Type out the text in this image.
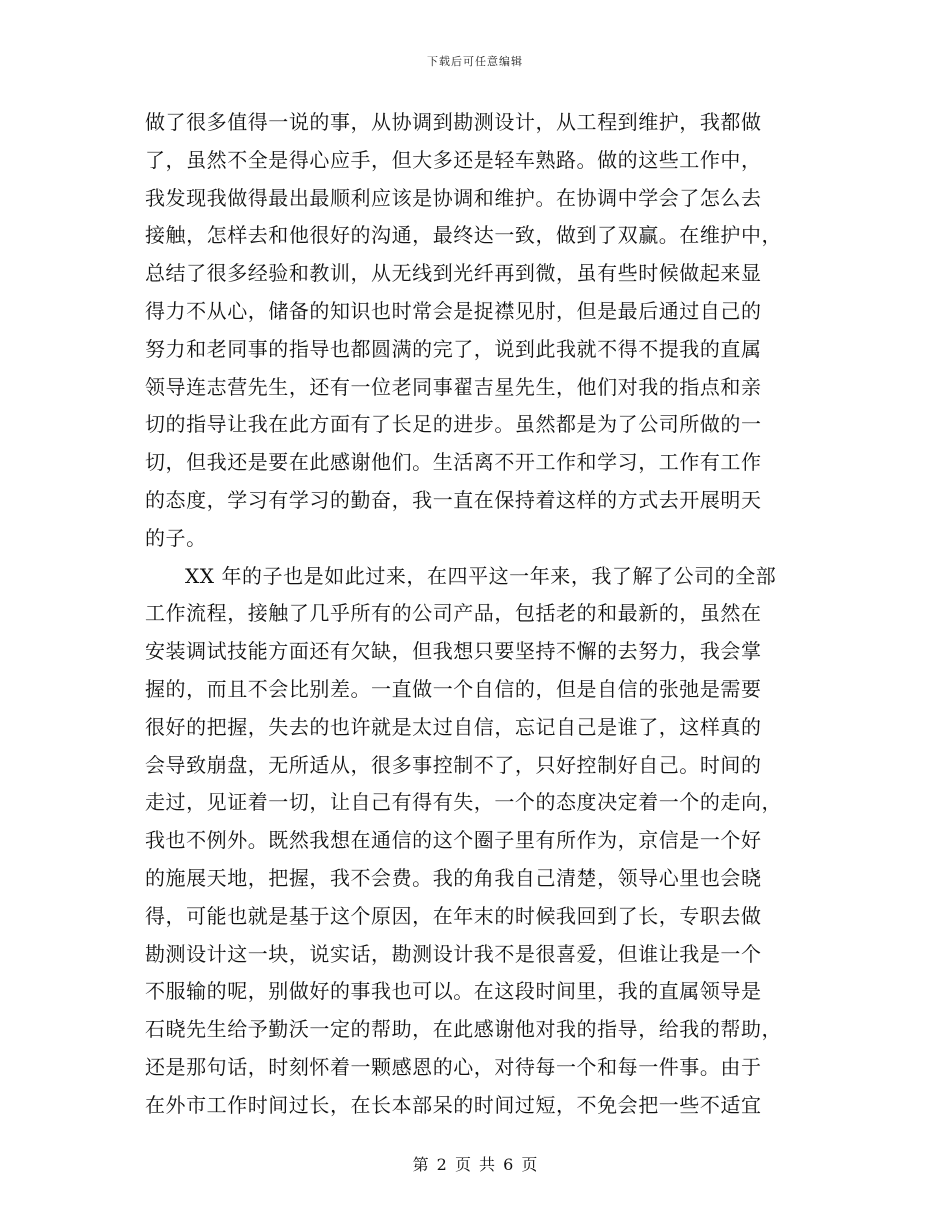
下载后可任意编辑
做了很多值得一说的事，从协调到勘测设计，从工程到维护，我都做
了，虽然不全是得心应手，但大多还是轻车熟路。做的这些工作中，
我发现我做得最出最顺利应该是协调和维护。在协调中学会了怎么去
接触，怎样去和他很好的沟通，最终达一致，做到了双赢。在维护中，
总结了很多经验和教训，从无线到光纤再到微，虽有些时候做起来显
得力不从心，储备的知识也时常会是捉襟见肘，但是最后通过自己的
努力和老同事的指导也都圆满的完了，说到此我就不得不提我的直属
领导连志营先生，还有一位老同事翟吉星先生，他们对我的指点和亲
切的指导让我在此方面有了长足的进步。虽然都是为了公司所做的一
切，但我还是要在此感谢他们。生活离不开工作和学习，工作有工作
的态度，学习有学习的勤奋，我一直在保持着这样的方式去开展明天
的子。
XX 年的子也是如此过来，在四平这一年来，我了解了公司的全部
工作流程，接触了几乎所有的公司产品，包括老的和最新的，虽然在
安装调试技能方面还有欠缺，但我想只要坚持不懈的去努力，我会掌
握的，而且不会比别差。一直做一个自信的，但是自信的张弛是需要
很好的把握，失去的也许就是太过自信，忘记自己是谁了，这样真的
会导致崩盘，无所适从，很多事控制不了，只好控制好自己。时间的
走过，见证着一切，让自己有得有失，一个的态度决定着一个的走向，
我也不例外。既然我想在通信的这个圈子里有所作为，京信是一个好
的施展天地，把握，我不会费。我的角我自己清楚，领导心里也会晓
得，可能也就是基于这个原因，在年末的时候我回到了长，专职去做
勘测设计这一块，说实话，勘测设计我不是很喜爱，但谁让我是一个
不服输的呢，别做好的事我也可以。在这段时间里，我的直属领导是
石晓先生给予勤沃一定的帮助，在此感谢他对我的指导，给我的帮助，
还是那句话，时刻怀着一颗感恩的心，对待每一个和每一件事。由于
在外市工作时间过长，在长本部呆的时间过短，不免会把一些不适宜
第 2 页 共 6 页
